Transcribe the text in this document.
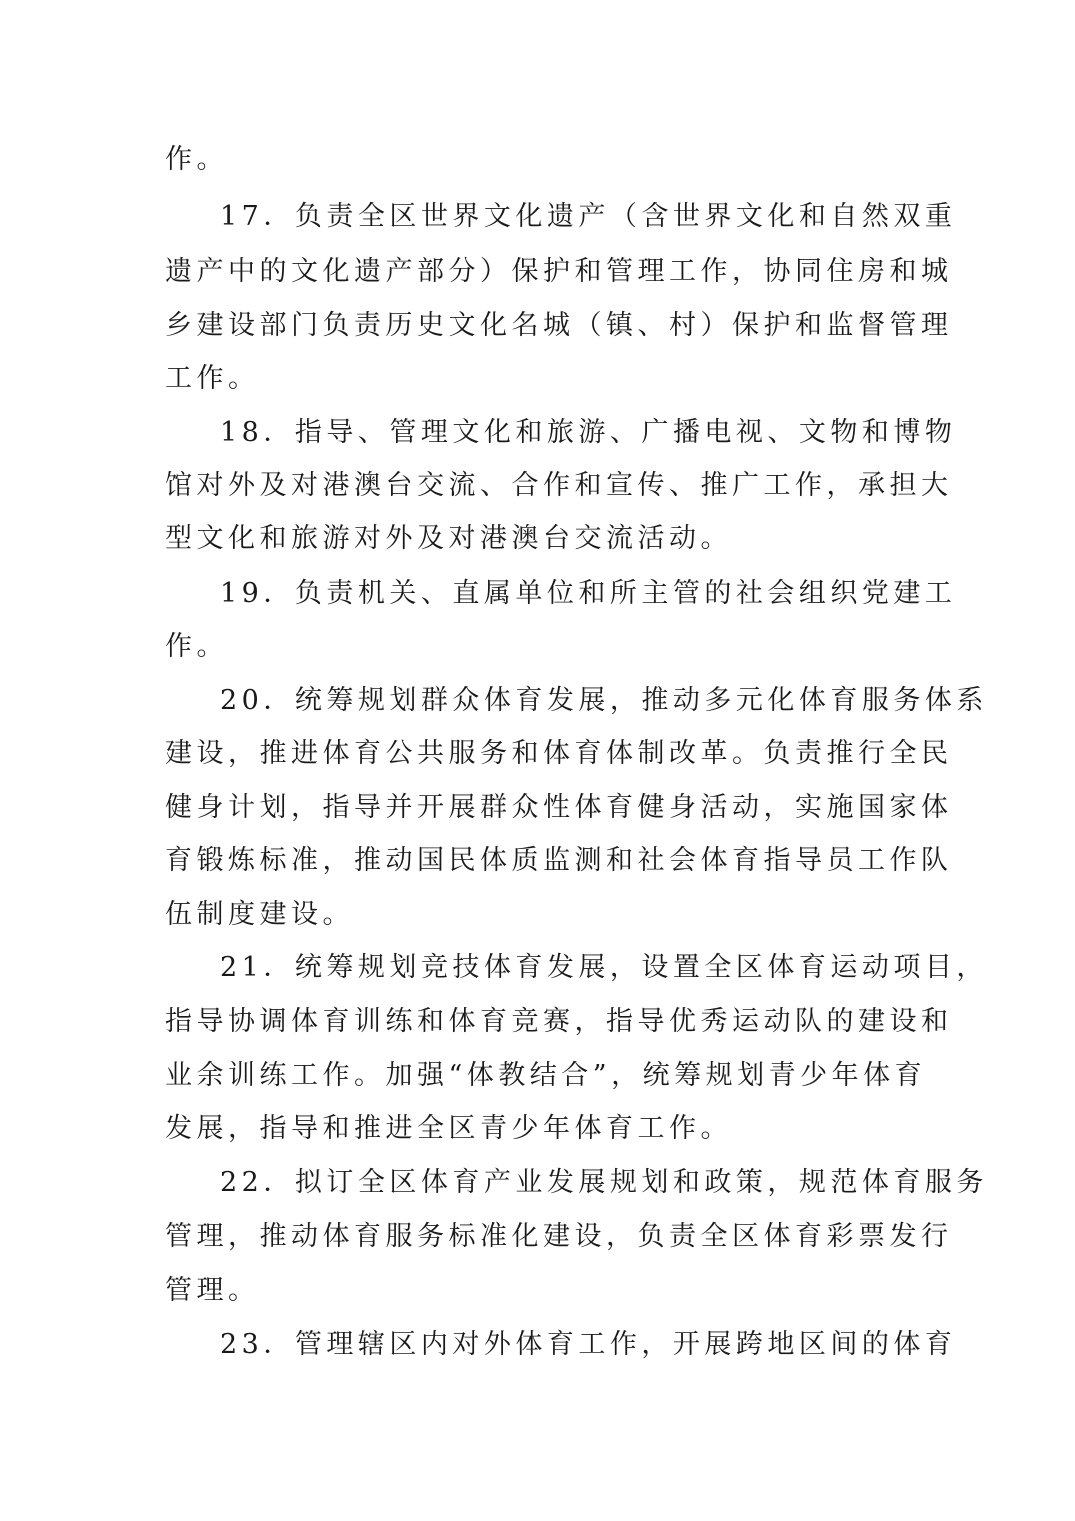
作。
17．负责全区世界文化遗产（含世界文化和自然双重
遗产中的文化遗产部分）保护和管理工作，协同住房和城
乡建设部门负责历史文化名城（镇、村）保护和监督管理
工作。
18．指导、管理文化和旅游、广播电视、文物和博物
馆对外及对港澳台交流、合作和宣传、推广工作，承担大
型文化和旅游对外及对港澳台交流活动。
19．负责机关、直属单位和所主管的社会组织党建工
作。
20．统筹规划群众体育发展，推动多元化体育服务体系
建设，推进体育公共服务和体育体制改革。负责推行全民
健身计划，指导并开展群众性体育健身活动，实施国家体
育锻炼标准，推动国民体质监测和社会体育指导员工作队
伍制度建设。
21．统筹规划竞技体育发展，设置全区体育运动项目，
指导协调体育训练和体育竞赛，指导优秀运动队的建设和
业余训练工作。加强“体教结合”，统筹规划青少年体育
发展，指导和推进全区青少年体育工作。
22．拟订全区体育产业发展规划和政策，规范体育服务
管理，推动体育服务标准化建设，负责全区体育彩票发行
管理。
23．管理辖区内对外体育工作，开展跨地区间的体育
